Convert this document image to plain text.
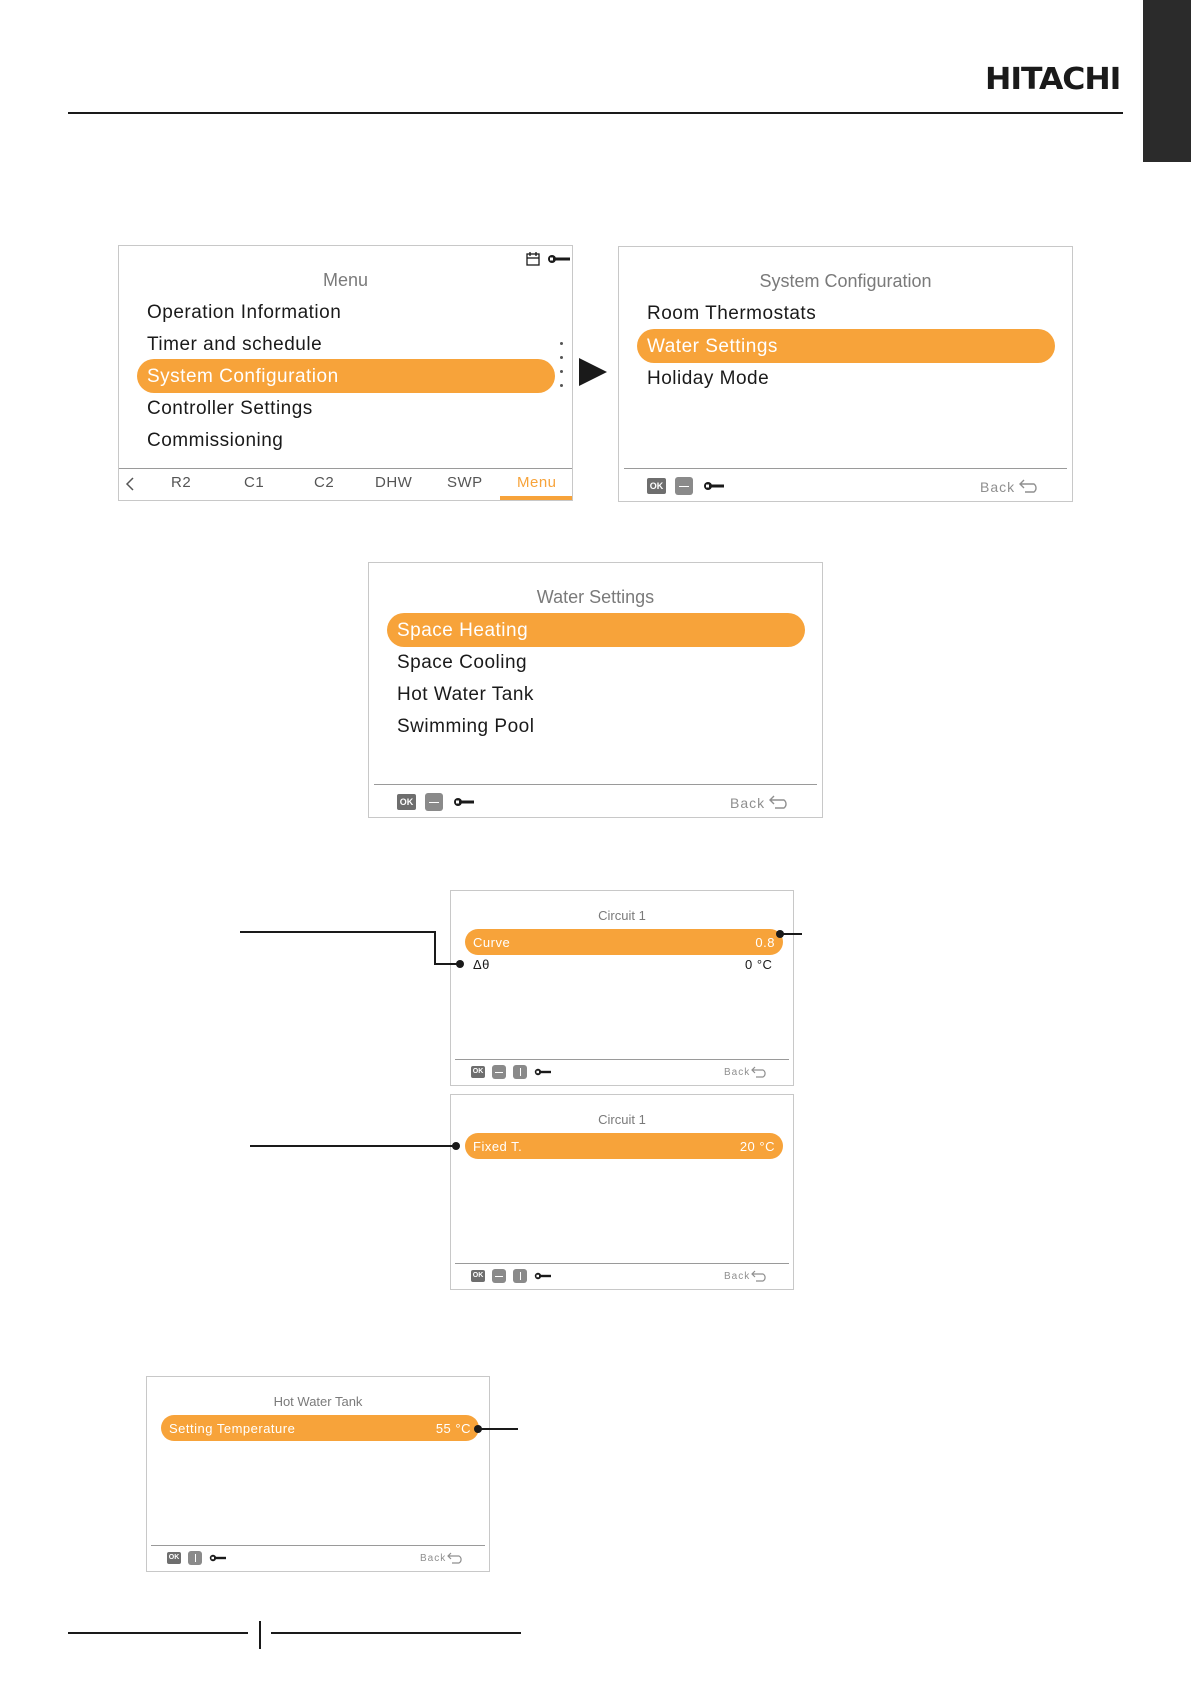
HITACHI
Menu
Operation Information
Timer and schedule
System Configuration
Controller Settings
Commissioning
R2	C1	C2	DHW SWP Menu
System Configuration
Room Thermostats
Water Settings
Holiday Mode
OK	Back
Water Settings
Space Heating
Space Cooling
Hot Water Tank
Swimming Pool
OK	Back
Circuit 1
Curve	0.8
Δθ	0 °C
OK	Back
Circuit 1
Fixed T.	20 °C
OK	Back
Hot Water Tank
Setting Temperature	55 °C
OK	Back
